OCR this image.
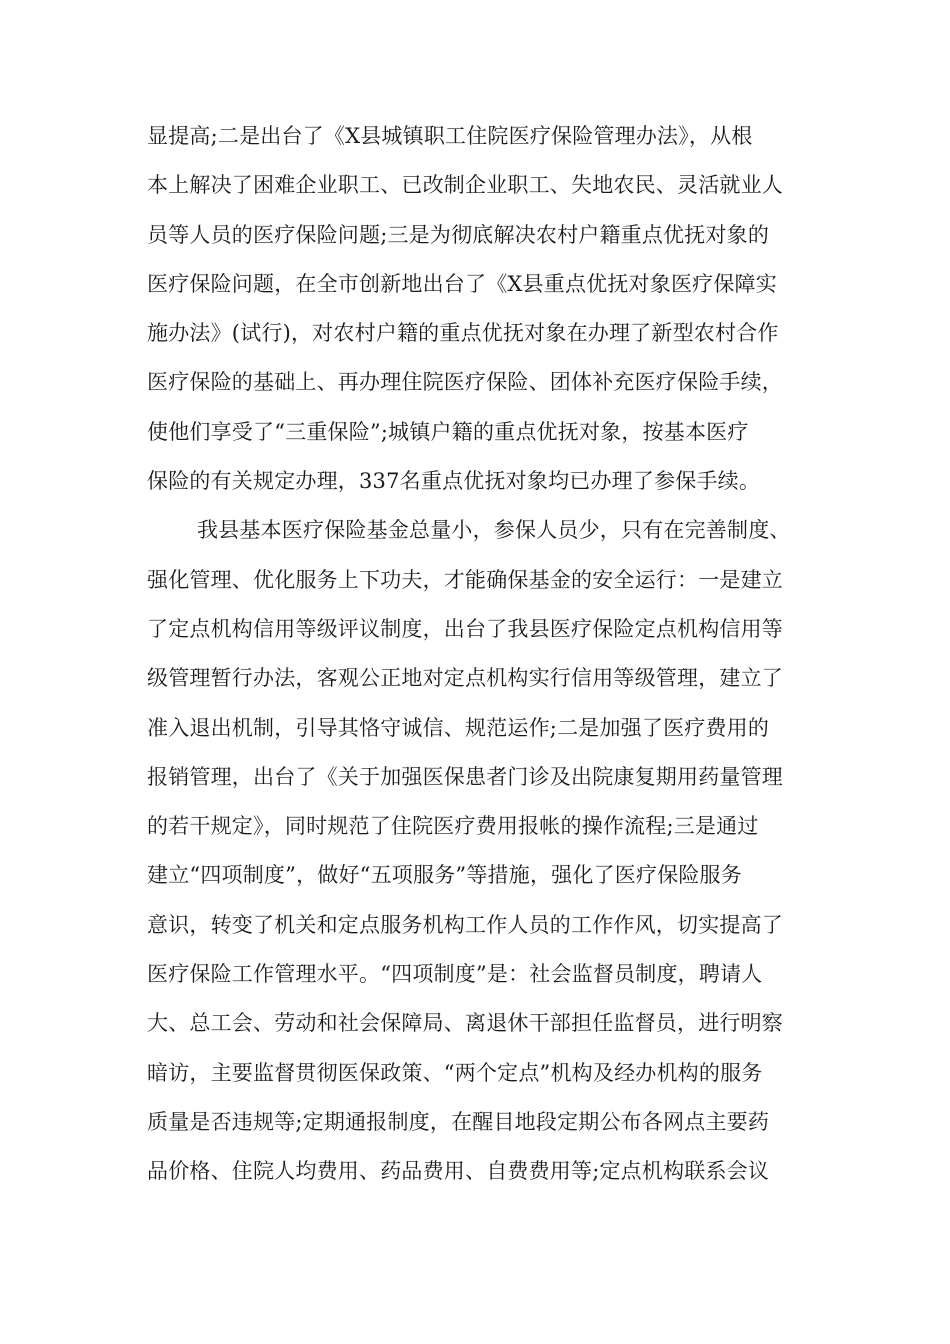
显提高;二是出台了《X县城镇职工住院医疗保险管理办法》，从根
本上解决了困难企业职工、已改制企业职工、失地农民、灵活就业人
员等人员的医疗保险问题;三是为彻底解决农村户籍重点优抚对象的
医疗保险问题，在全市创新地出台了《X县重点优抚对象医疗保障实
施办法》(试行)，对农村户籍的重点优抚对象在办理了新型农村合作
医疗保险的基础上、再办理住院医疗保险、团体补充医疗保险手续，
使他们享受了“三重保险”;城镇户籍的重点优抚对象，按基本医疗
保险的有关规定办理，337名重点优抚对象均已办理了参保手续。
我县基本医疗保险基金总量小，参保人员少，只有在完善制度、
强化管理、优化服务上下功夫，才能确保基金的安全运行：一是建立
了定点机构信用等级评议制度，出台了我县医疗保险定点机构信用等
级管理暂行办法，客观公正地对定点机构实行信用等级管理，建立了
准入退出机制，引导其恪守诚信、规范运作;二是加强了医疗费用的
报销管理，出台了《关于加强医保患者门诊及出院康复期用药量管理
的若干规定》，同时规范了住院医疗费用报帐的操作流程;三是通过
建立“四项制度”，做好“五项服务”等措施，强化了医疗保险服务
意识，转变了机关和定点服务机构工作人员的工作作风，切实提高了
医疗保险工作管理水平。“四项制度”是：社会监督员制度，聘请人
大、总工会、劳动和社会保障局、离退休干部担任监督员，进行明察
暗访，主要监督贯彻医保政策、“两个定点”机构及经办机构的服务
质量是否违规等;定期通报制度，在醒目地段定期公布各网点主要药
品价格、住院人均费用、药品费用、自费费用等;定点机构联系会议
